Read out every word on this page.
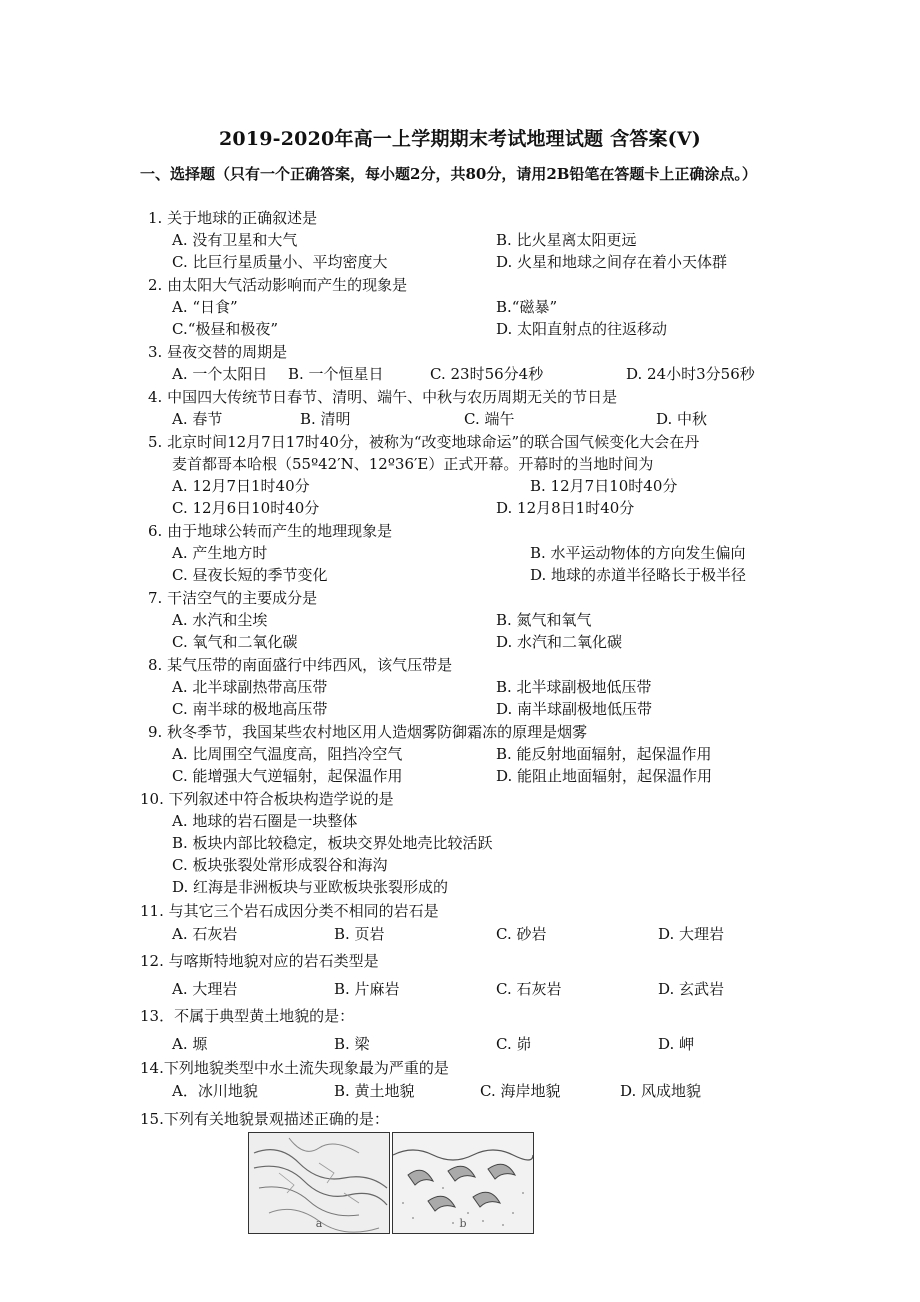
2019-2020年高一上学期期末考试地理试题 含答案(V)
一、选择题（只有一个正确答案，每小题2分，共80分，请用2B铅笔在答题卡上正确涂点。）
1. 关于地球的正确叙述是
A. 没有卫星和大气	B. 比火星离太阳更远
C. 比巨行星质量小、平均密度大	D. 火星和地球之间存在着小天体群
2. 由太阳大气活动影响而产生的现象是
A. “日食”	B.“磁暴”
C.“极昼和极夜”	D. 太阳直射点的往返移动
3. 昼夜交替的周期是
A. 一个太阳日 B. 一个恒星日	C. 23时56分4秒	D. 24小时3分56秒
4. 中国四大传统节日春节、清明、端午、中秋与农历周期无关的节日是
A. 春节	B. 清明	C. 端午	D. 中秋
5. 北京时间12月7日17时40分，被称为“改变地球命运”的联合国气候变化大会在丹
麦首都哥本哈根（55º42′N、12º36′E）正式开幕。开幕时的当地时间为
A. 12月7日1时40分	B. 12月7日10时40分
C. 12月6日10时40分	D. 12月8日1时40分
6. 由于地球公转而产生的地理现象是
A. 产生地方时	B. 水平运动物体的方向发生偏向
C. 昼夜长短的季节变化	D. 地球的赤道半径略长于极半径
7. 干洁空气的主要成分是
A. 水汽和尘埃	B. 氮气和氧气
C. 氧气和二氧化碳	D. 水汽和二氧化碳
8. 某气压带的南面盛行中纬西风，该气压带是
A. 北半球副热带高压带	B. 北半球副极地低压带
C. 南半球的极地高压带	D. 南半球副极地低压带
9. 秋冬季节，我国某些农村地区用人造烟雾防御霜冻的原理是烟雾
A. 比周围空气温度高，阻挡冷空气	B. 能反射地面辐射，起保温作用
C. 能增强大气逆辐射，起保温作用	D. 能阻止地面辐射，起保温作用
10. 下列叙述中符合板块构造学说的是
A. 地球的岩石圈是一块整体
B. 板块内部比较稳定，板块交界处地壳比较活跃
C. 板块张裂处常形成裂谷和海沟
D. 红海是非洲板块与亚欧板块张裂形成的
11. 与其它三个岩石成因分类不相同的岩石是
A. 石灰岩	B. 页岩	C. 砂岩	D. 大理岩
12. 与喀斯特地貌对应的岩石类型是
A. 大理岩	B. 片麻岩	C. 石灰岩	D. 玄武岩
13．不属于典型黄土地貌的是：
A. 塬	B. 梁	C. 峁	D. 岬
14.下列地貌类型中水土流失现象最为严重的是
A．冰川地貌	B. 黄土地貌	C. 海岸地貌	D. 风成地貌
15.下列有关地貌景观描述正确的是：
a	b
